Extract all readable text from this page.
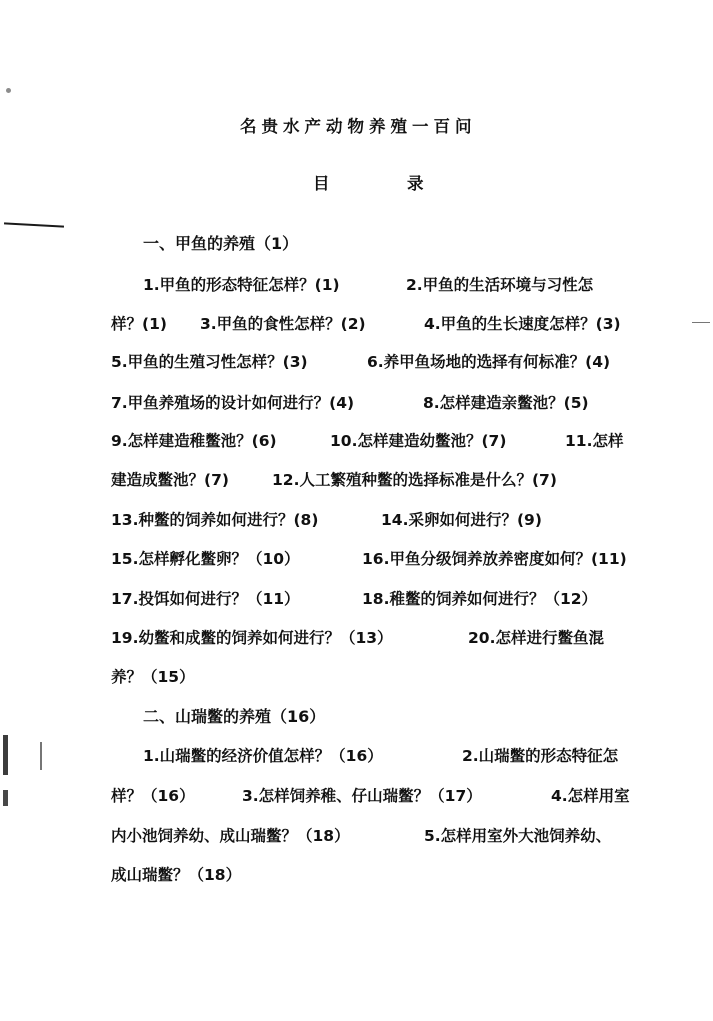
名贵水产动物养殖一百问
目	录
一、甲鱼的养殖（1）
1.甲鱼的形态特征怎样？(1)	2.甲鱼的生活环境与习性怎
样？(1) 3.甲鱼的食性怎样？(2)	4.甲鱼的生长速度怎样？(3)
5.甲鱼的生殖习性怎样？(3)	6.养甲鱼场地的选择有何标准？(4)
7.甲鱼养殖场的设计如何进行？(4)	8.怎样建造亲鳖池？(5)
9.怎样建造稚鳖池？(6)	10.怎样建造幼鳖池？(7)	11.怎样
建造成鳖池？(7)	12.人工繁殖种鳖的选择标准是什么？(7)
13.种鳖的饲养如何进行？(8)	14.采卵如何进行？(9)
15.怎样孵化鳖卵？（10）	16.甲鱼分级饲养放养密度如何？(11)
17.投饵如何进行？（11）	18.稚鳖的饲养如何进行？（12）
19.幼鳖和成鳖的饲养如何进行？（13）	20.怎样进行鳖鱼混
养？（15）
二、山瑞鳖的养殖（16）
1.山瑞鳖的经济价值怎样？（16）	2.山瑞鳖的形态特征怎
样？（16）	3.怎样饲养稚、仔山瑞鳖？（17）	4.怎样用室
内小池饲养幼、成山瑞鳖？（18）	5.怎样用室外大池饲养幼、
成山瑞鳖？（18）
